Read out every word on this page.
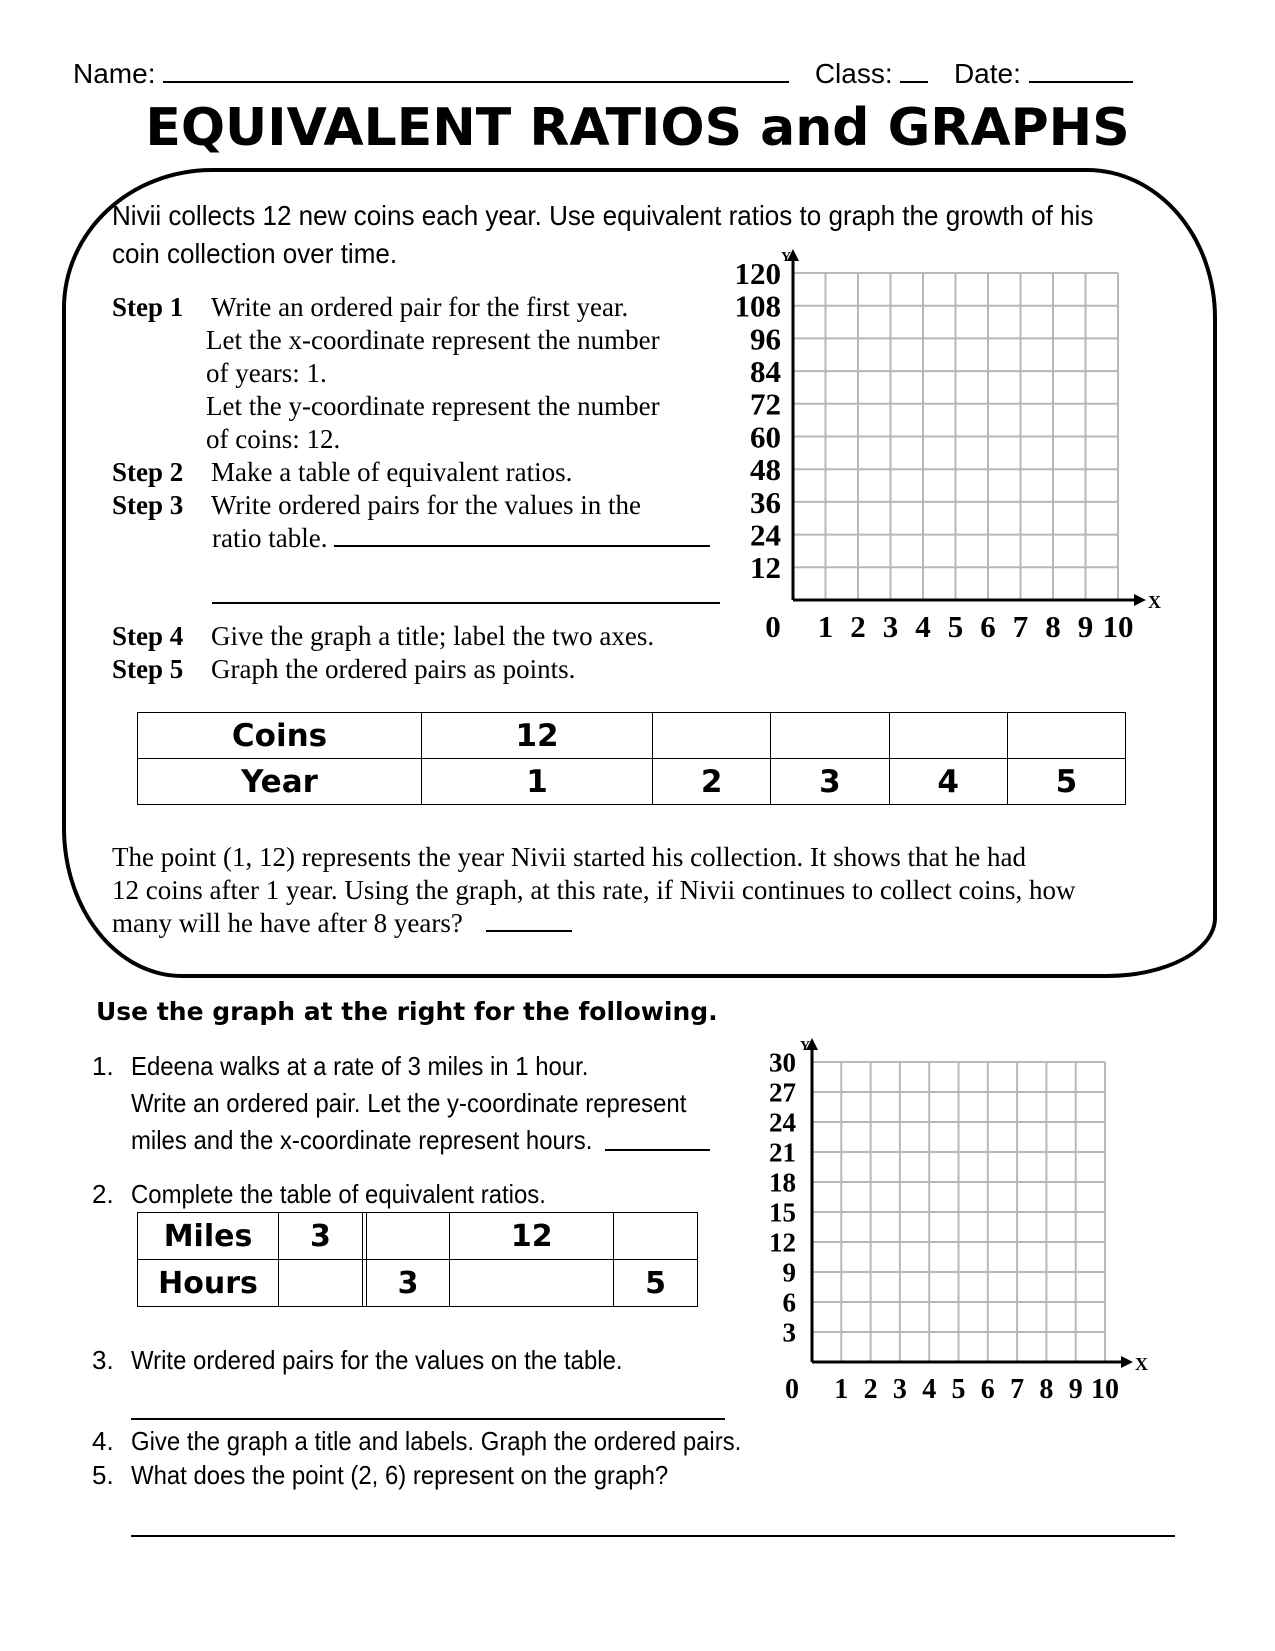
Name:	Class: Date:
EQUIVALENT RATIOS and GRAPHS
Nivii collects 12 new coins each year. Use equivalent ratios to graph the growth of his
coin collection over time.
Step 1 Write an ordered pair for the first year.
Let the x-coordinate represent the number
of years: 1.
Let the y-coordinate represent the number
of coins: 12.
Step 2 Make a table of equivalent ratios.
Step 3 Write ordered pairs for the values in the
ratio table.
Step 4 Give the graph a title; label the two axes.
Step 5 Graph the ordered pairs as points.
Coins	12				
Year	1	2	3	4	5
The point (1, 12) represents the year Nivii started his collection. It shows that he had
12 coins after 1 year. Using the graph, at this rate, if Nivii continues to collect coins, how
many will he have after 8 years?
Y
X
12
24
36
48
60
72
84
96
108
120
1 2 3 4 5 6 7 8 9 10
0
Use the graph at the right for the following.
1. Edeena walks at a rate of 3 miles in 1 hour.
Write an ordered pair. Let the y-coordinate represent
miles and the x-coordinate represent hours.
2. Complete the table of equivalent ratios.
Miles	3			12	
Hours			3		5
3. Write ordered pairs for the values on the table.
4. Give the graph a title and labels. Graph the ordered pairs.
5. What does the point (2, 6) represent on the graph?
Y
X
3
6
9
12
15
18
21
24
27
30
1 2 3 4 5 6 7 8 9 10
0
